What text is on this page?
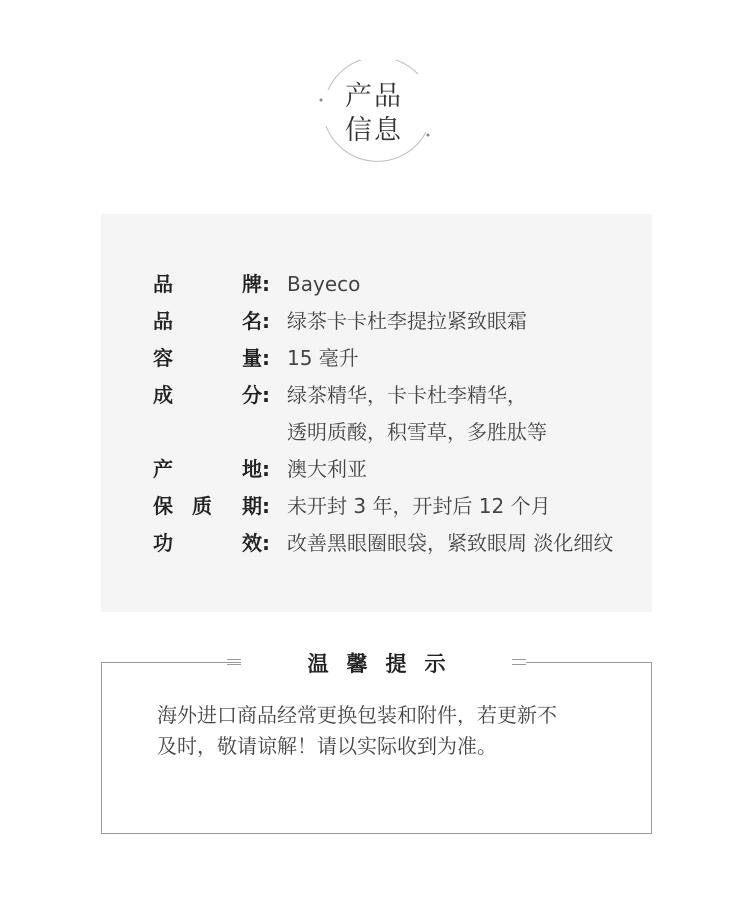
产品
信息
品	牌: Bayeco
品	名: 绿茶卡卡杜李提拉紧致眼霜
容	量: 15 毫升
成	分: 绿茶精华，卡卡杜李精华，
透明质酸，积雪草，多胜肽等
产	地: 澳大利亚
保 质 期: 未开封 3 年，开封后 12 个月
功	效: 改善黑眼圈眼袋，紧致眼周 淡化细纹
海外进口商品经常更换包装和附件，若更新不
及时，敬请谅解！请以实际收到为准。
温馨提示
